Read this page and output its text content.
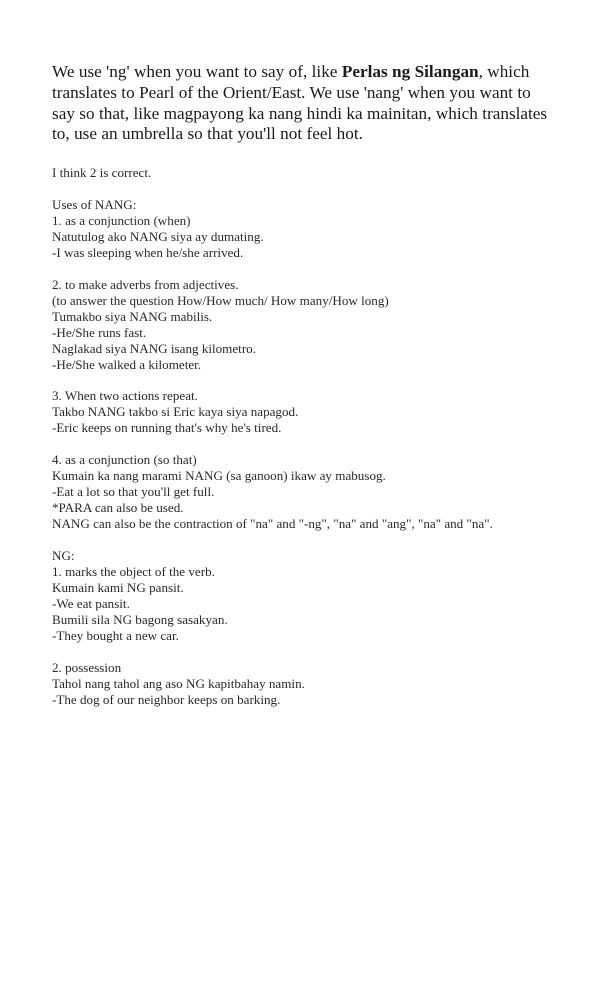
We use 'ng' when you want to say of, like Perlas ng Silangan, which translates to Pearl of the Orient/East. We use 'nang' when you want to say so that, like magpayong ka nang hindi ka mainitan, which translates to, use an umbrella so that you'll not feel hot.

I think 2 is correct.

Uses of NANG:
1. as a conjunction (when)
Natutulog ako NANG siya ay dumating.
-I was sleeping when he/she arrived.

2. to make adverbs from adjectives.
(to answer the question How/How much/ How many/How long)
Tumakbo siya NANG mabilis.
-He/She runs fast.
Naglakad siya NANG isang kilometro.
-He/She walked a kilometer.

3. When two actions repeat.
Takbo NANG takbo si Eric kaya siya napagod.
-Eric keeps on running that's why he's tired.

4. as a conjunction (so that)
Kumain ka nang marami NANG (sa ganoon) ikaw ay mabusog.
-Eat a lot so that you'll get full.
*PARA can also be used.
NANG can also be the contraction of "na" and "-ng", "na" and "ang", "na" and "na".

NG:
1. marks the object of the verb.
Kumain kami NG pansit.
-We eat pansit.
Bumili sila NG bagong sasakyan.
-They bought a new car.

2. possession
Tahol nang tahol ang aso NG kapitbahay namin.
-The dog of our neighbor keeps on barking.
